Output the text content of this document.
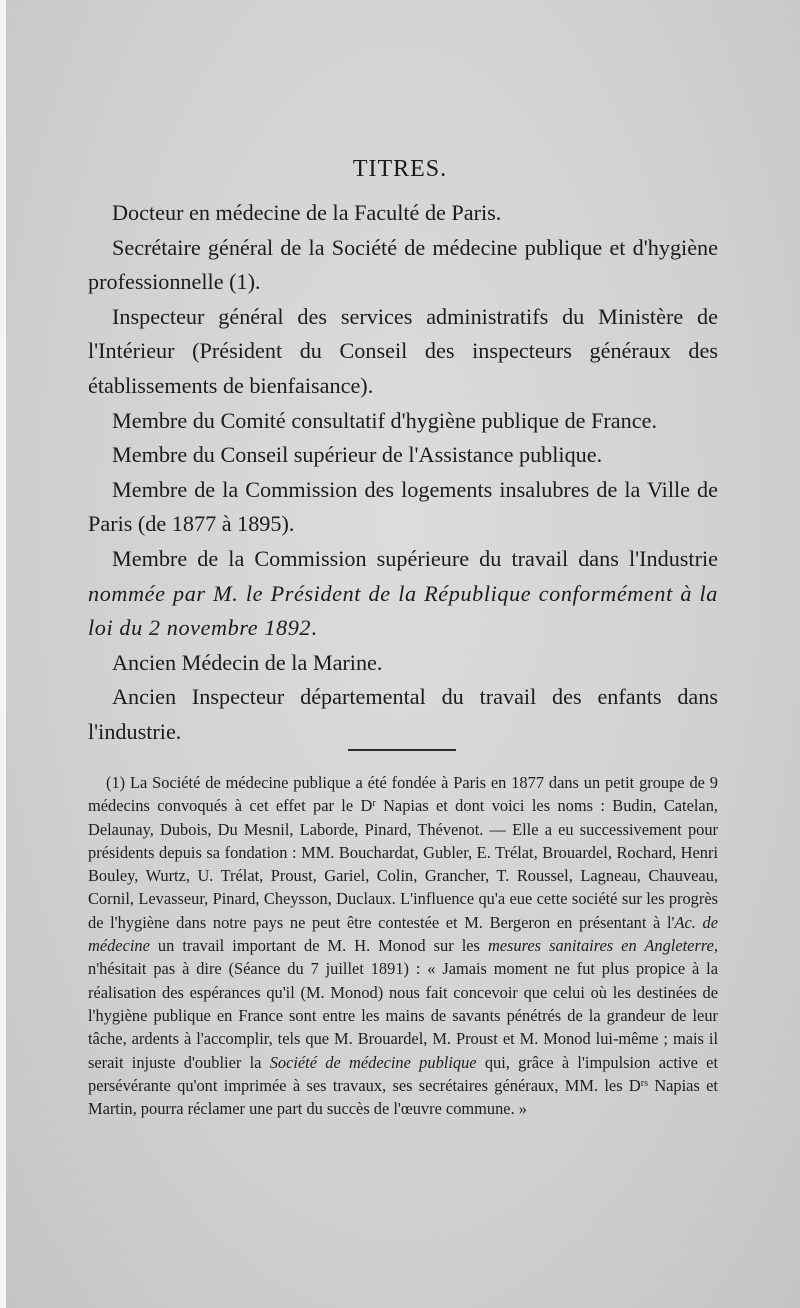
TITRES.

Docteur en médecine de la Faculté de Paris.

Secrétaire général de la Société de médecine publique et d'hygiène professionnelle (1).

Inspecteur général des services administratifs du Ministère de l'Intérieur (Président du Conseil des inspecteurs généraux des établissements de bienfaisance).

Membre du Comité consultatif d'hygiène publique de France.

Membre du Conseil supérieur de l'Assistance publique.

Membre de la Commission des logements insalubres de la Ville de Paris (de 1877 à 1895).

Membre de la Commission supérieure du travail dans l'Industrie nommée par M. le Président de la République conformément à la loi du 2 novembre 1892.

Ancien Médecin de la Marine.

Ancien Inspecteur départemental du travail des enfants dans l'industrie.

(1) La Société de médecine publique a été fondée à Paris en 1877 dans un petit groupe de 9 médecins convoqués à cet effet par le $D^r$ Napias et dont voici les noms : Budin, Catelan, Delaunay, Dubois, Du Mesnil, Laborde, Pinard, Thévenot. — Elle a eu successivement pour présidents depuis sa fondation : MM. Bouchardat, Gubler, E. Trélat, Brouardel, Rochard, Henri Bouley, Wurtz, U. Trélat, Proust, Gariel, Colin, Grancher, T. Roussel, Lagneau, Chauveau, Cornil, Levasseur, Pinard, Cheysson, Duclaux. L'influence qu'a eue cette société sur les progrès de l'hygiène dans notre pays ne peut être contestée et M. Bergeron en présentant à l'Ac. de médecine un travail important de M. H. Monod sur les mesures sanitaires en Angleterre, n'hésitait pas à dire (Séance du 7 juillet 1891) : « Jamais moment ne fut plus propice à la réalisation des espérances qu'il (M. Monod) nous fait concevoir que celui où les destinées de l'hygiène publique en France sont entre les mains de savants pénétrés de la grandeur de leur tâche, ardents à l'accomplir, tels que M. Brouardel, M. Proust et M. Monod lui-même ; mais il serait injuste d'oublier la Société de médecine publique qui, grâce à l'impulsion active et persévérante qu'ont imprimée à ses travaux, ses secrétaires généraux, MM. les $D^{rs}$ Napias et Martin, pourra réclamer une part du succès de l'œuvre commune. »
